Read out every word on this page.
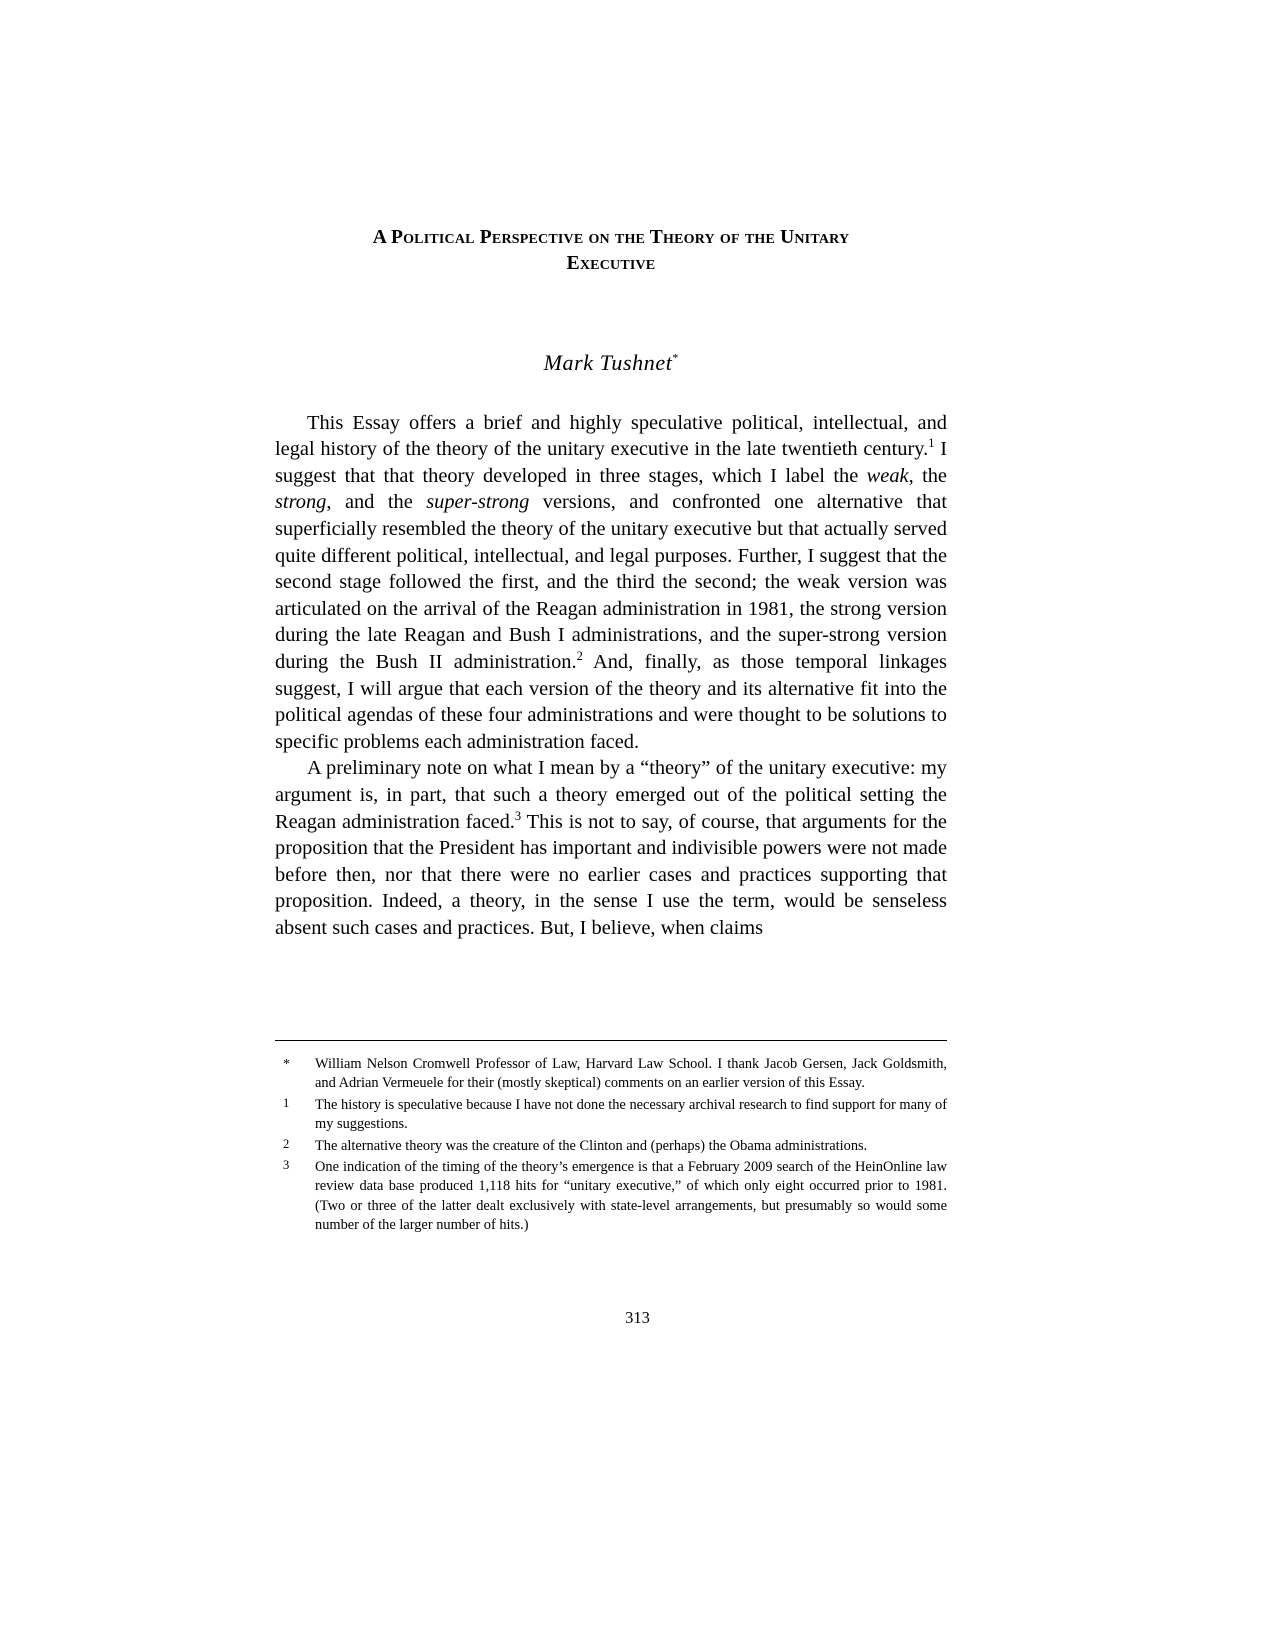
A Political Perspective on the Theory of the Unitary
Executive
Mark Tushnet*

This Essay offers a brief and highly speculative political, intellectual, and legal history of the theory of the unitary executive in the late twentieth century.$^1$ I suggest that that theory developed in three stages, which I label the weak, the strong, and the super-strong versions, and confronted one alternative that superficially resembled the theory of the unitary executive but that actually served quite different political, intellectual, and legal purposes. Further, I suggest that the second stage followed the first, and the third the second; the weak version was articulated on the arrival of the Reagan administration in 1981, the strong version during the late Reagan and Bush I administrations, and the super-strong version during the Bush II administration.$^2$ And, finally, as those temporal linkages suggest, I will argue that each version of the theory and its alternative fit into the political agendas of these four administrations and were thought to be solutions to specific problems each administration faced.

A preliminary note on what I mean by a “theory” of the unitary executive: my argument is, in part, that such a theory emerged out of the political setting the Reagan administration faced.$^3$ This is not to say, of course, that arguments for the proposition that the President has important and indivisible powers were not made before then, nor that there were no earlier cases and practices supporting that proposition. Indeed, a theory, in the sense I use the term, would be senseless absent such cases and practices. But, I believe, when claims

*	William Nelson Cromwell Professor of Law, Harvard Law School. I thank Jacob Gersen, Jack Goldsmith, and Adrian Vermeuele for their (mostly skeptical) comments on an earlier version of this Essay.
1	The history is speculative because I have not done the necessary archival research to find support for many of my suggestions.
2	The alternative theory was the creature of the Clinton and (perhaps) the Obama administrations.
3	One indication of the timing of the theory’s emergence is that a February 2009 search of the HeinOnline law review data base produced 1,118 hits for “unitary executive,” of which only eight occurred prior to 1981. (Two or three of the latter dealt exclusively with state-level arrangements, but presumably so would some number of the larger number of hits.)
313
